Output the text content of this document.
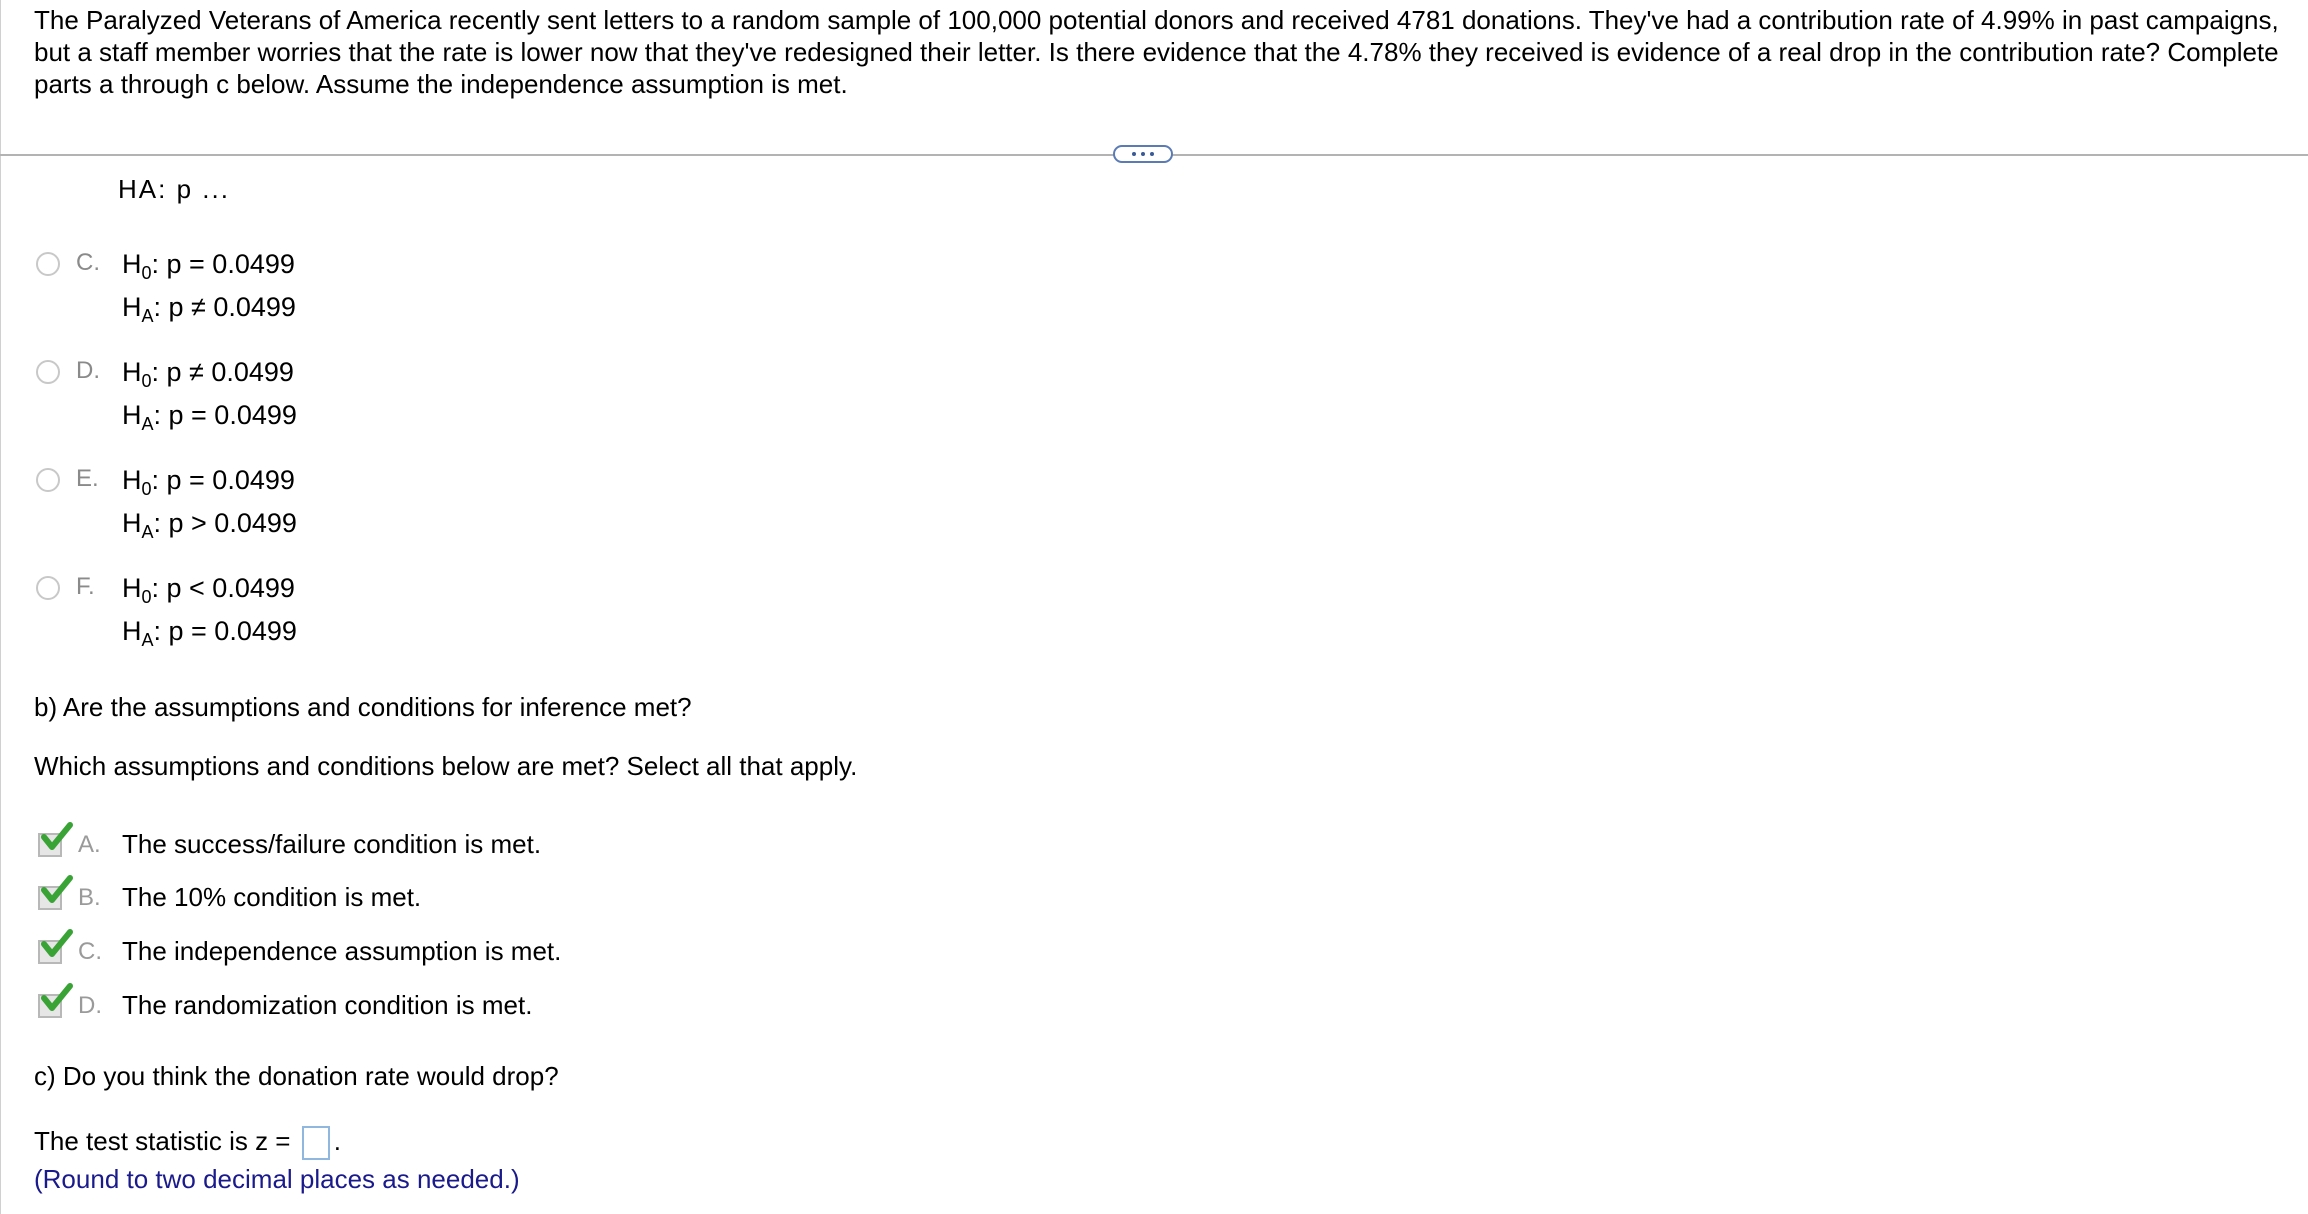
The Paralyzed Veterans of America recently sent letters to a random sample of 100,000 potential donors and received 4781 donations. They've had a contribution rate of 4.99% in past campaigns, but a staff member worries that the rate is lower now that they've redesigned their letter. Is there evidence that the 4.78% they received is evidence of a real drop in the contribution rate? Complete parts a through c below. Assume the independence assumption is met.
HA: p ...
C. $H_0$: p = 0.0499
$H_A$: p ≠ 0.0499
D. $H_0$: p ≠ 0.0499
$H_A$: p = 0.0499
E. $H_0$: p = 0.0499
$H_A$: p > 0.0499
F. $H_0$: p < 0.0499
$H_A$: p = 0.0499
b) Are the assumptions and conditions for inference met?
Which assumptions and conditions below are met? Select all that apply.
A. The success/failure condition is met.
B. The 10% condition is met.
C. The independence assumption is met.
D. The randomization condition is met.
c) Do you think the donation rate would drop?
The test statistic is z = .
(Round to two decimal places as needed.)
